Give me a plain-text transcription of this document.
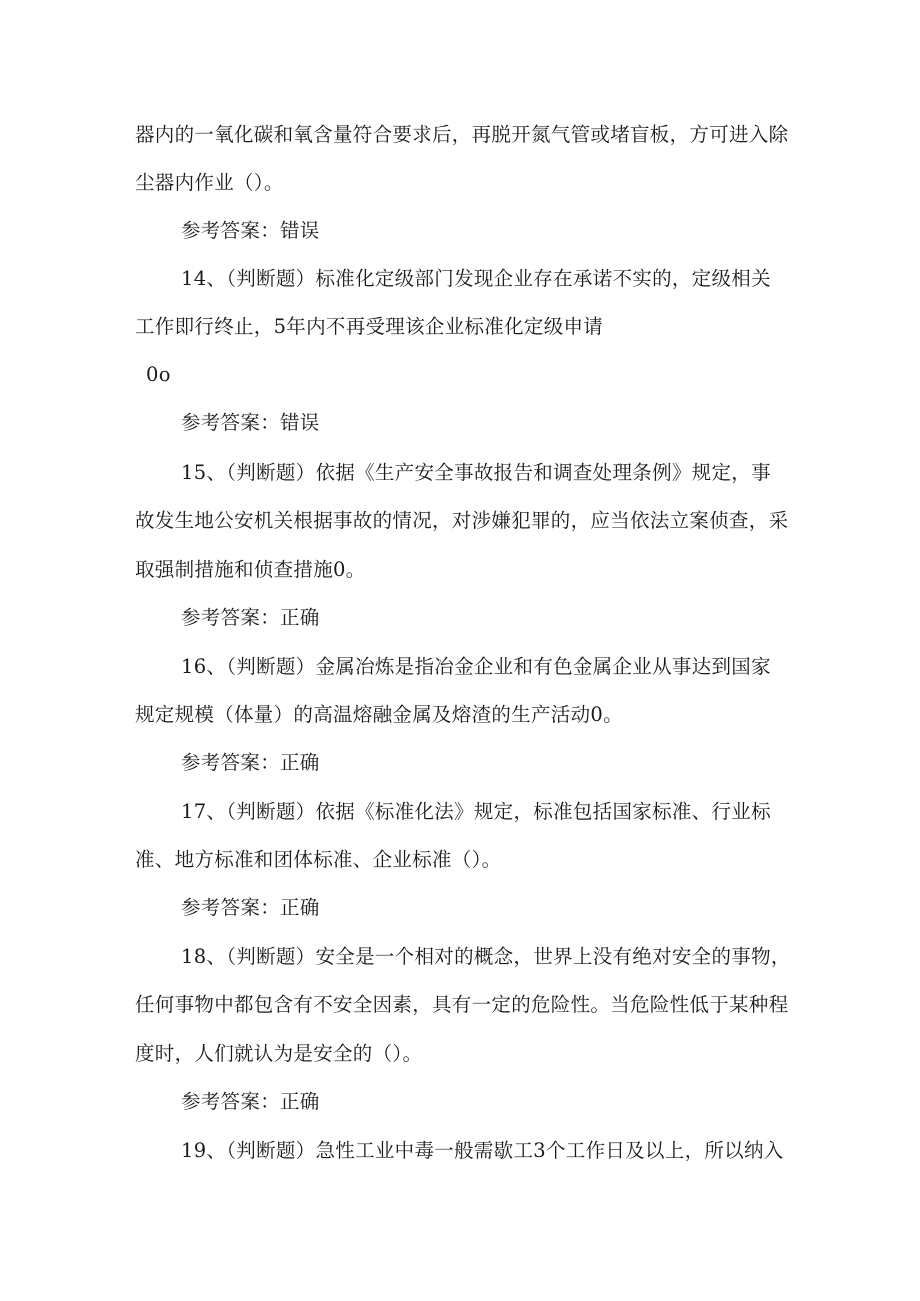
器内的一氧化碳和氧含量符合要求后，再脱开氮气管或堵盲板，方可进入除
尘器内作业（）。
参考答案：错误
14、（判断题）标准化定级部门发现企业存在承诺不实的，定级相关
工作即行终止，5年内不再受理该企业标准化定级申请
0o
参考答案：错误
15、（判断题）依据《生产安全事故报告和调查处理条例》规定，事
故发生地公安机关根据事故的情况，对涉嫌犯罪的，应当依法立案侦查，采
取强制措施和侦查措施0。
参考答案：正确
16、（判断题）金属冶炼是指冶金企业和有色金属企业从事达到国家
规定规模（体量）的高温熔融金属及熔渣的生产活动0。
参考答案：正确
17、（判断题）依据《标准化法》规定，标准包括国家标准、行业标
准、地方标准和团体标准、企业标准（）。
参考答案：正确
18、（判断题）安全是一个相对的概念，世界上没有绝对安全的事物，
任何事物中都包含有不安全因素，具有一定的危险性。当危险性低于某种程
度时，人们就认为是安全的（）。
参考答案：正确
19、（判断题）急性工业中毒一般需歇工3个工作日及以上，所以纳入
